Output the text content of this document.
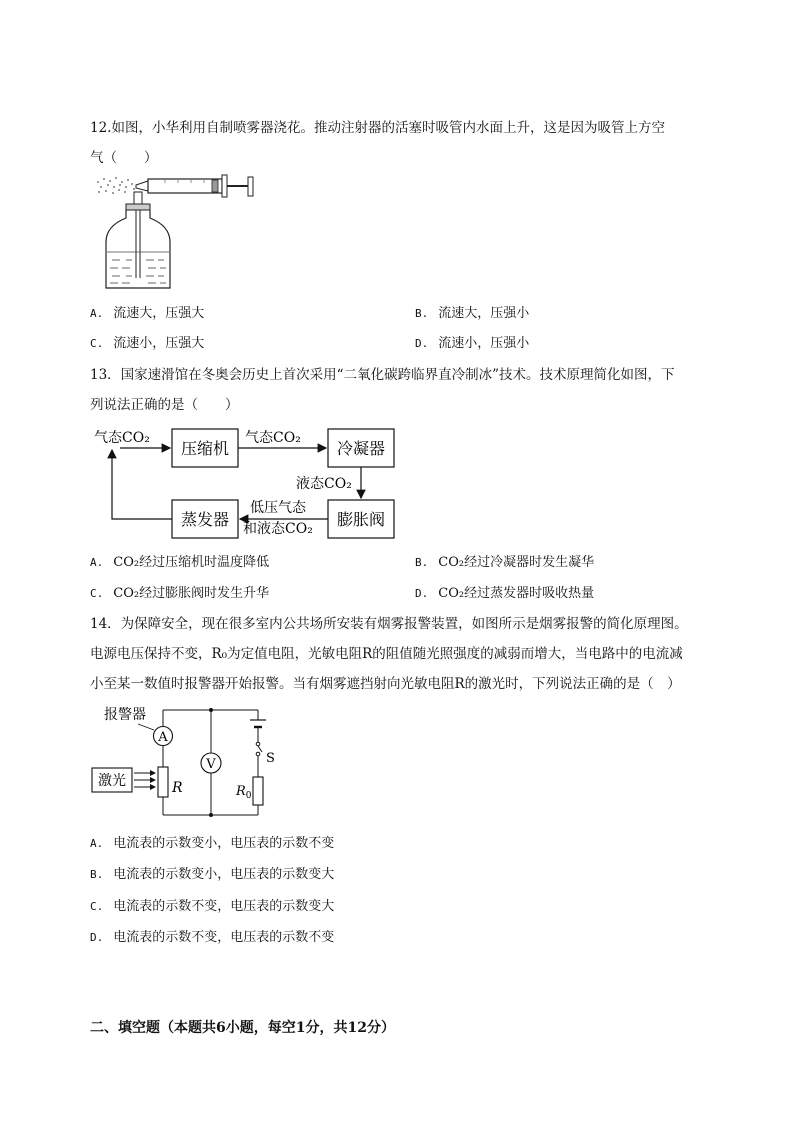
12.如图，小华利用自制喷雾器浇花。推动注射器的活塞时吸管内水面上升，这是因为吸管上方空
气（　　）
A. 流速大，压强大	B. 流速大，压强小
C. 流速小，压强大	D. 流速小，压强小
13．国家速滑馆在冬奥会历史上首次采用“二氧化碳跨临界直冷制冰”技术。技术原理简化如图，下
列说法正确的是（　　）
压缩机	冷凝器
膨胀阀
蒸发器
气态CO₂	气态CO₂
液态CO₂
低压气态
和液态CO₂
A. CO₂经过压缩机时温度降低	B. CO₂经过冷凝器时发生凝华
C. CO₂经过膨胀阀时发生升华	D. CO₂经过蒸发器时吸收热量
14．为保障安全，现在很多室内公共场所安装有烟雾报警装置，如图所示是烟雾报警的简化原理图。
电源电压保持不变，R₀为定值电阻，光敏电阻R的阻值随光照强度的减弱而增大，当电路中的电流减
小至某一数值时报警器开始报警。当有烟雾遮挡射向光敏电阻R的激光时，下列说法正确的是（　）
报警器
A
V	S
R	$R_0$
激光
A. 电流表的示数变小，电压表的示数不变
B. 电流表的示数变小，电压表的示数变大
C. 电流表的示数不变，电压表的示数变大
D. 电流表的示数不变，电压表的示数不变
二、填空题（本题共6小题，每空1分，共12分）
